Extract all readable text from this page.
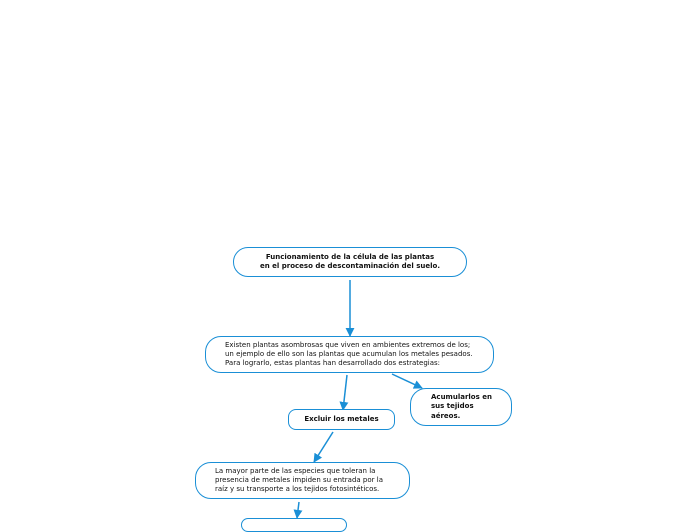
Funcionamiento de la célula de las plantas
en el proceso de descontaminación del suelo.
Existen plantas asombrosas que viven en ambientes extremos de los;
un ejemplo de ello son las plantas que acumulan los metales pesados.
Para lograrlo, estas plantas han desarrollado dos estrategias:
Excluir los metales
Acumularlos en
sus tejidos
aéreos.
La mayor parte de las especies que toleran la
presencia de metales impiden su entrada por la
raíz y su transporte a los tejidos fotosintéticos.
